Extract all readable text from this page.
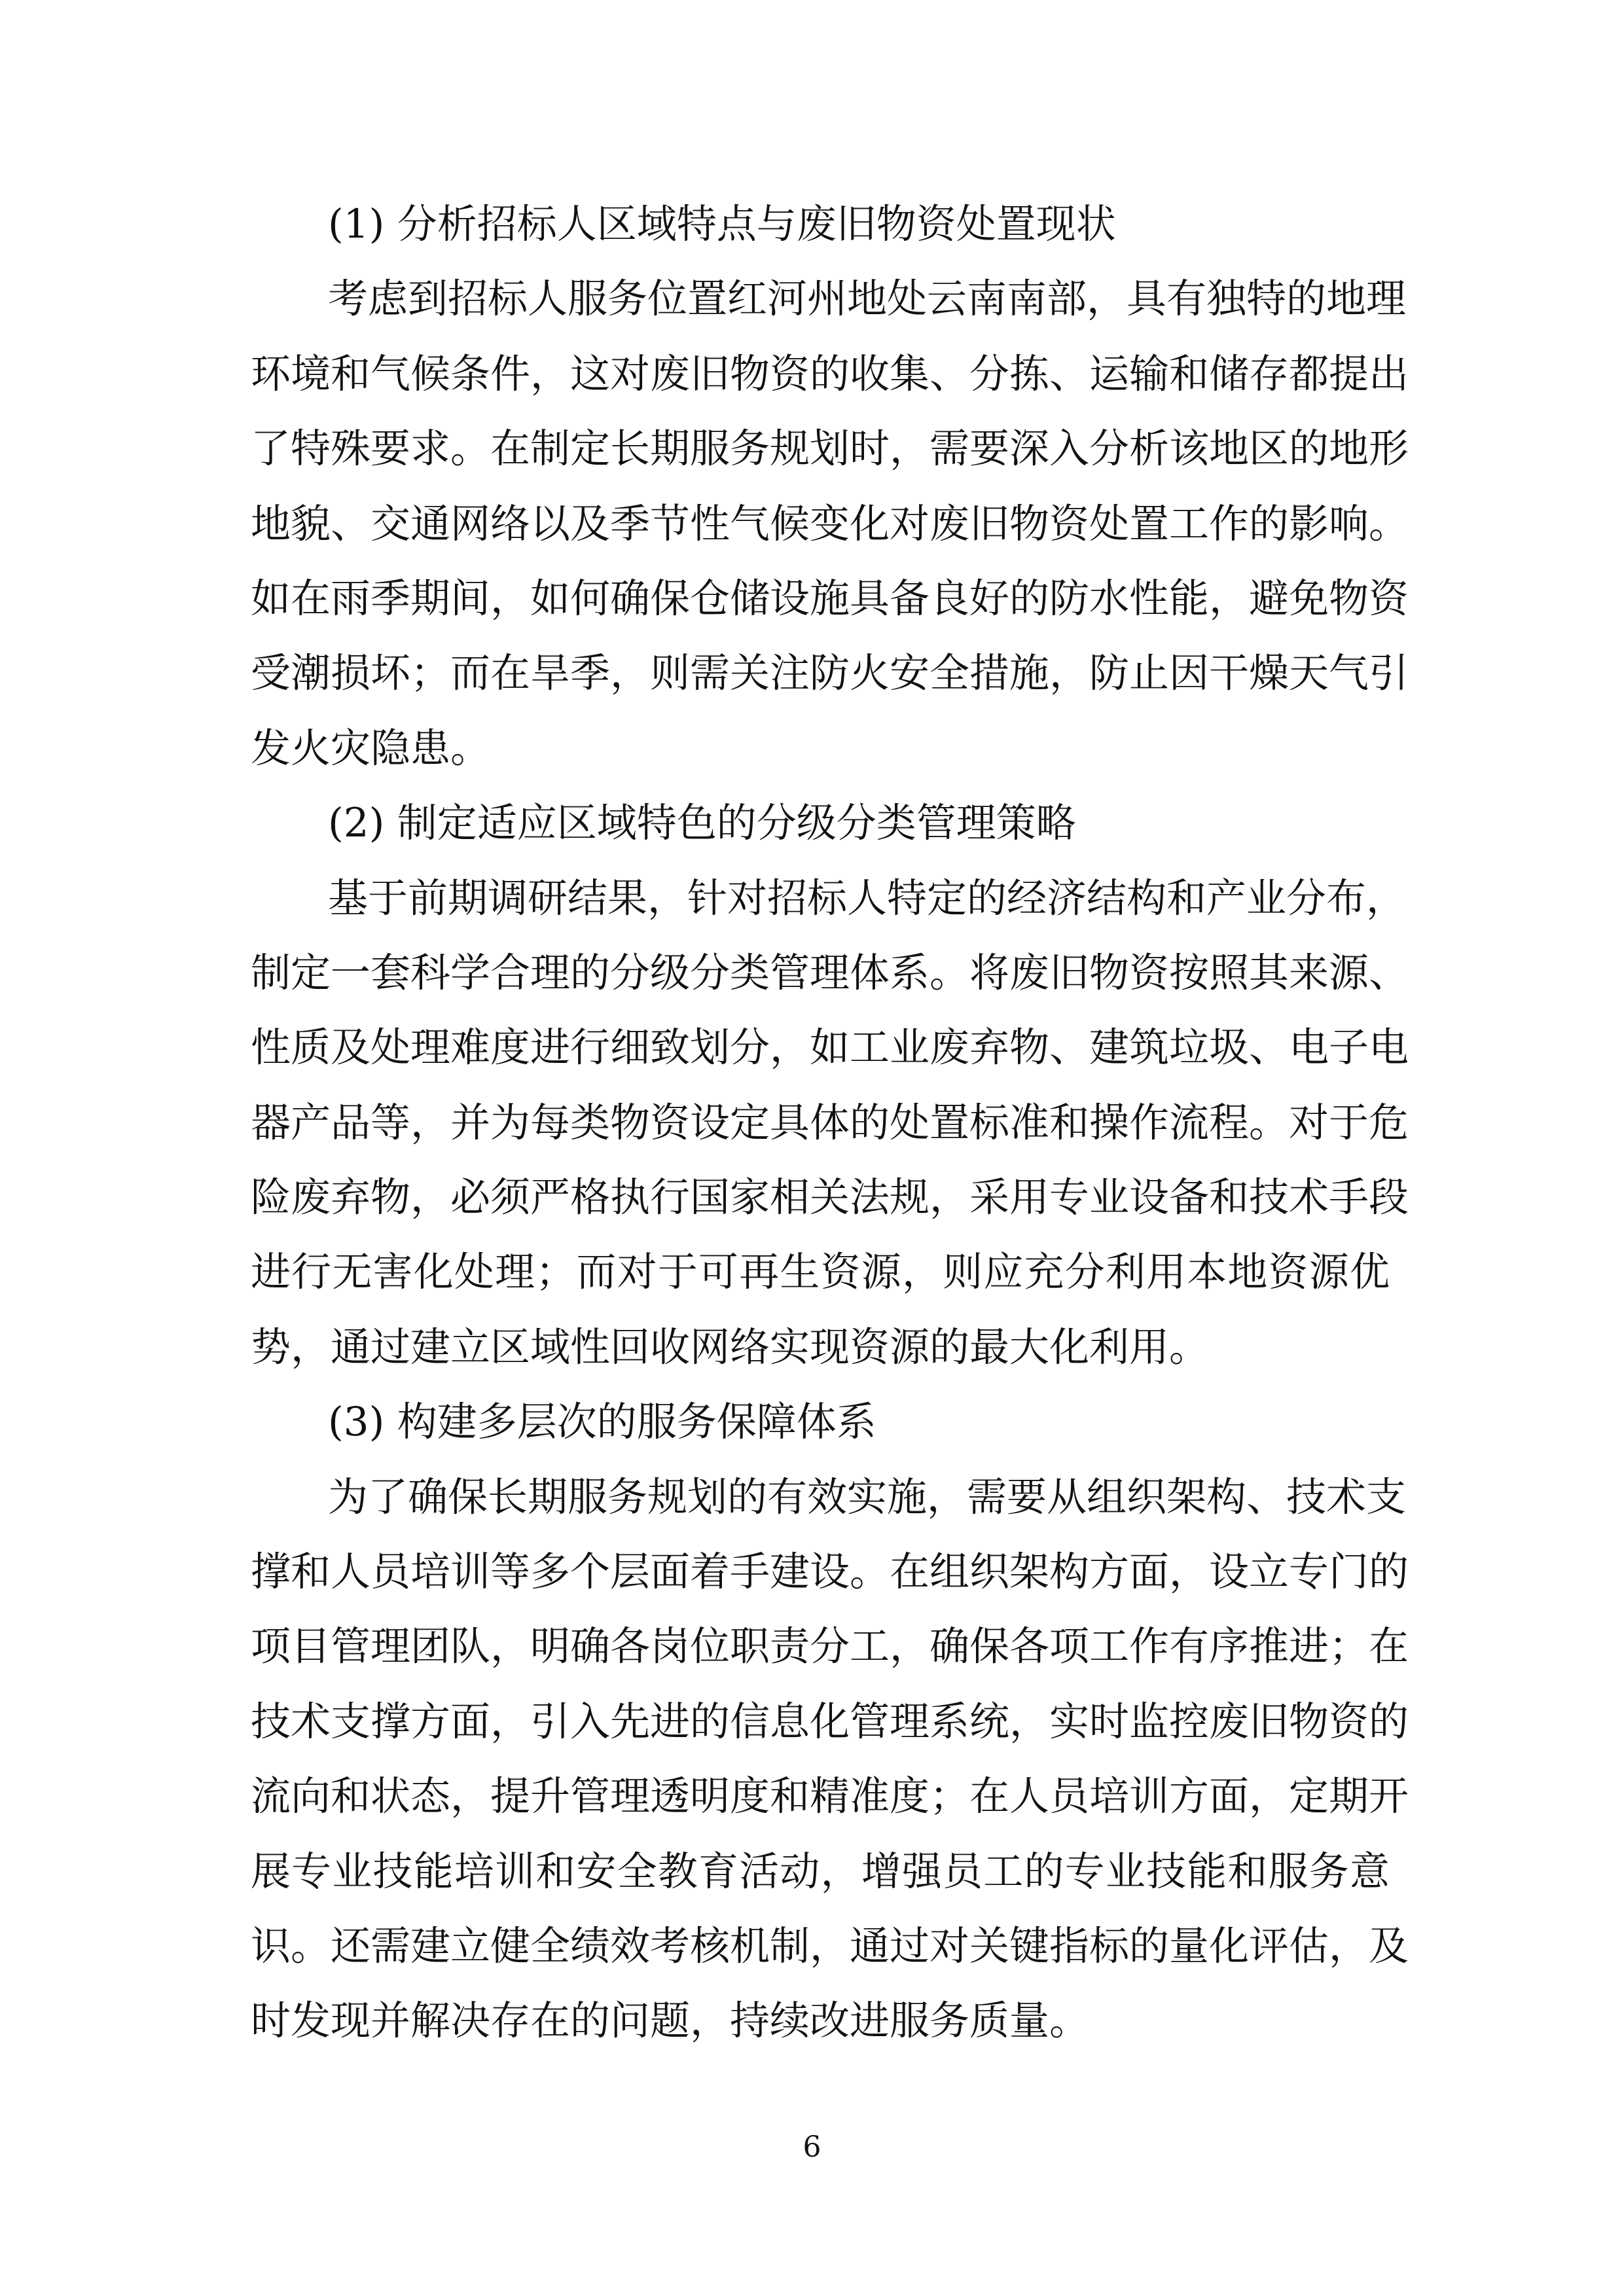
(1) 分析招标人区域特点与废旧物资处置现状
考虑到招标人服务位置红河州地处云南南部，具有独特的地理
环境和气候条件，这对废旧物资的收集、分拣、运输和储存都提出
了特殊要求。在制定长期服务规划时，需要深入分析该地区的地形
地貌、交通网络以及季节性气候变化对废旧物资处置工作的影响。
如在雨季期间，如何确保仓储设施具备良好的防水性能，避免物资
受潮损坏；而在旱季，则需关注防火安全措施，防止因干燥天气引
发火灾隐患。
(2) 制定适应区域特色的分级分类管理策略
基于前期调研结果，针对招标人特定的经济结构和产业分布，
制定一套科学合理的分级分类管理体系。将废旧物资按照其来源、
性质及处理难度进行细致划分，如工业废弃物、建筑垃圾、电子电
器产品等，并为每类物资设定具体的处置标准和操作流程。对于危
险废弃物，必须严格执行国家相关法规，采用专业设备和技术手段
进行无害化处理；而对于可再生资源，则应充分利用本地资源优
势，通过建立区域性回收网络实现资源的最大化利用。
(3) 构建多层次的服务保障体系
为了确保长期服务规划的有效实施，需要从组织架构、技术支
撑和人员培训等多个层面着手建设。在组织架构方面，设立专门的
项目管理团队，明确各岗位职责分工，确保各项工作有序推进；在
技术支撑方面，引入先进的信息化管理系统，实时监控废旧物资的
流向和状态，提升管理透明度和精准度；在人员培训方面，定期开
展专业技能培训和安全教育活动，增强员工的专业技能和服务意
识。还需建立健全绩效考核机制，通过对关键指标的量化评估，及
时发现并解决存在的问题，持续改进服务质量。
6
